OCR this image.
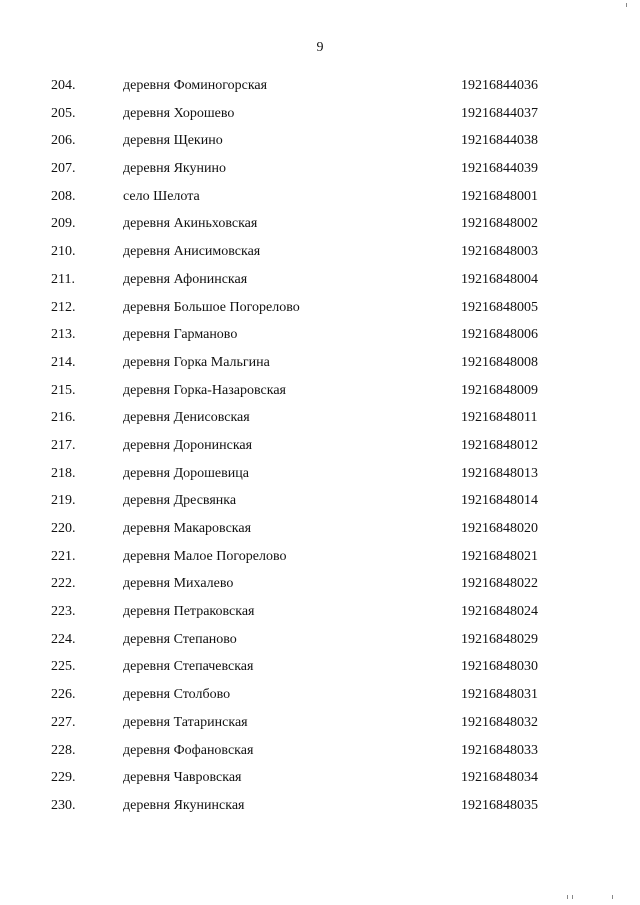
9
204.	деревня Фоминогорская	19216844036
205.	деревня Хорошево	19216844037
206.	деревня Щекино	19216844038
207.	деревня Якунино	19216844039
208.	село Шелота	19216848001
209.	деревня Акиньховская	19216848002
210.	деревня Анисимовская	19216848003
211.	деревня Афонинская	19216848004
212.	деревня Большое Погорелово	19216848005
213.	деревня Гарманово	19216848006
214.	деревня Горка Мальгина	19216848008
215.	деревня Горка-Назаровская	19216848009
216.	деревня Денисовская	19216848011
217.	деревня Доронинская	19216848012
218.	деревня Дорошевица	19216848013
219.	деревня Дресвянка	19216848014
220.	деревня Макаровская	19216848020
221.	деревня Малое Погорелово	19216848021
222.	деревня Михалево	19216848022
223.	деревня Петраковская	19216848024
224.	деревня Степаново	19216848029
225.	деревня Степачевская	19216848030
226.	деревня Столбово	19216848031
227.	деревня Татаринская	19216848032
228.	деревня Фофановская	19216848033
229.	деревня Чавровская	19216848034
230.	деревня Якунинская	19216848035
